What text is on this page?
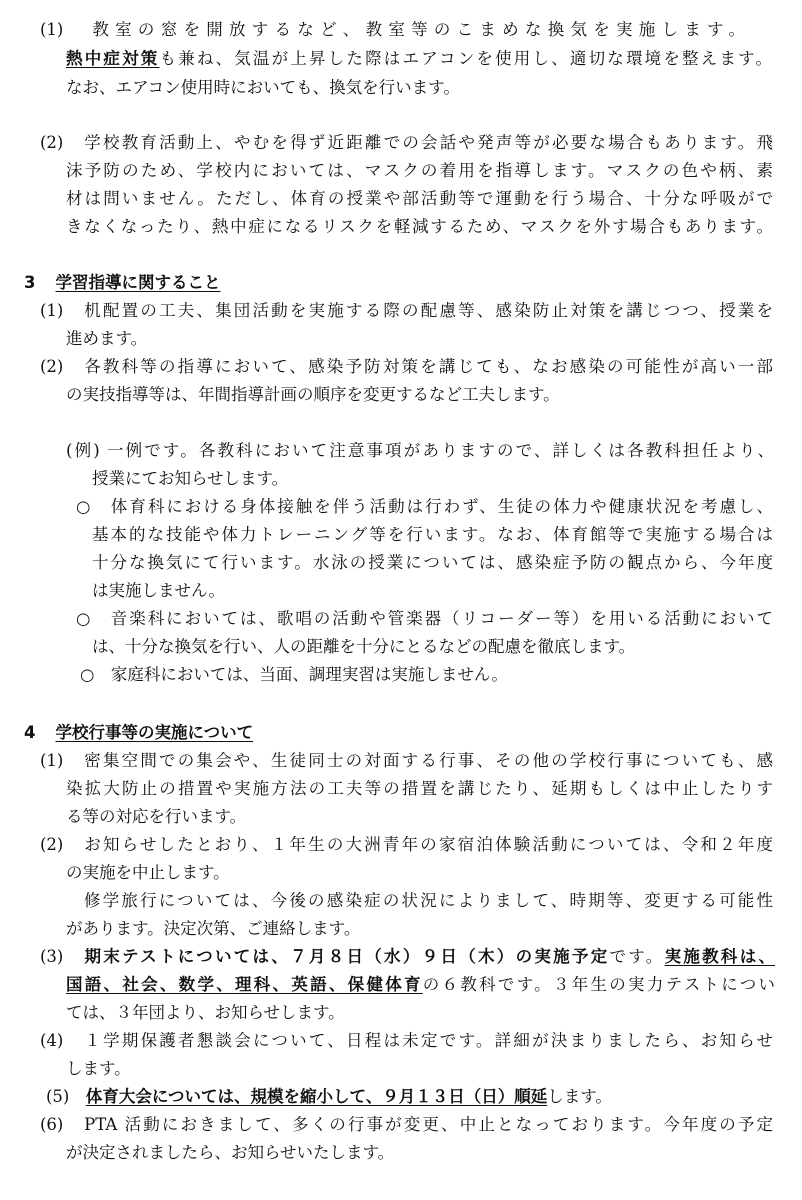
(1)　教室の窓を開放するなど、教室等のこまめな換気を実施します。
熱中症対策も兼ね、気温が上昇した際はエアコンを使用し、適切な環境を整えます。
なお、エアコン使用時においても、換気を行います。
(2)　学校教育活動上、やむを得ず近距離での会話や発声等が必要な場合もあります。飛
沫予防のため、学校内においては、マスクの着用を指導します。マスクの色や柄、素
材は問いません。ただし、体育の授業や部活動等で運動を行う場合、十分な呼吸がで
きなくなったり、熱中症になるリスクを軽減するため、マスクを外す場合もあります。
3 学習指導に関すること
(1)　机配置の工夫、集団活動を実施する際の配慮等、感染防止対策を講じつつ、授業を
進めます。
(2)　各教科等の指導において、感染予防対策を講じても、なお感染の可能性が高い一部
の実技指導等は、年間指導計画の順序を変更するなど工夫します。
(例) 一例です。各教科において注意事項がありますので、詳しくは各教科担任より、
授業にてお知らせします。
○　体育科における身体接触を伴う活動は行わず、生徒の体力や健康状況を考慮し、
基本的な技能や体力トレーニング等を行います。なお、体育館等で実施する場合は
十分な換気にて行います。水泳の授業については、感染症予防の観点から、今年度
は実施しません。
○　音楽科においては、歌唱の活動や管楽器（リコーダー等）を用いる活動において
は、十分な換気を行い、人の距離を十分にとるなどの配慮を徹底します。
○　家庭科においては、当面、調理実習は実施しません。
4 学校行事等の実施について
(1)　密集空間での集会や、生徒同士の対面する行事、その他の学校行事についても、感
染拡大防止の措置や実施方法の工夫等の措置を講じたり、延期もしくは中止したりす
る等の対応を行います。
(2)　お知らせしたとおり、１年生の大洲青年の家宿泊体験活動については、令和２年度
の実施を中止します。
修学旅行については、今後の感染症の状況によりまして、時期等、変更する可能性
があります。決定次第、ご連絡します。
(3)　期末テストについては、７月８日（水）９日（木）の実施予定です。実施教科は、
国語、社会、数学、理科、英語、保健体育の６教科です。３年生の実力テストについ
ては、３年団より、お知らせします。
(4)　１学期保護者懇談会について、日程は未定です。詳細が決まりましたら、お知らせ
します。
(5)　体育大会については、規模を縮小して、９月１３日（日）順延します。
(6)　PTA 活動におきまして、多くの行事が変更、中止となっております。今年度の予定
が決定されましたら、お知らせいたします。
